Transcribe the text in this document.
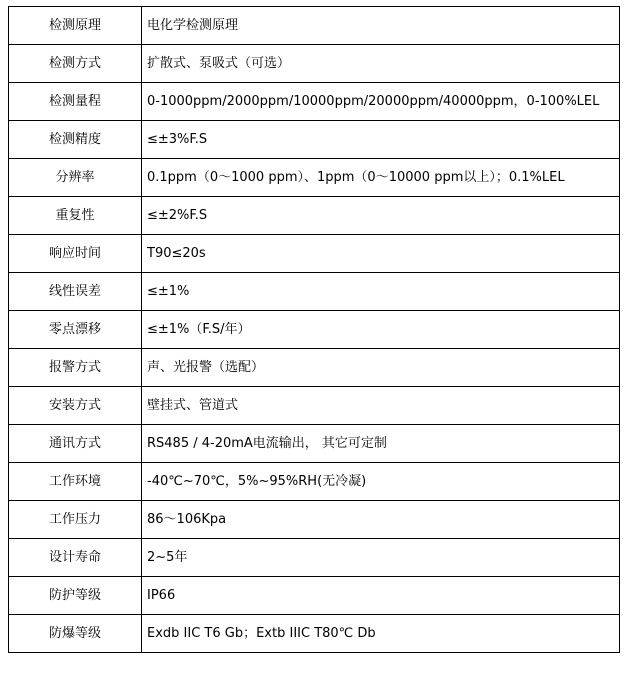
检测原理	电化学检测原理
检测方式	扩散式、泵吸式（可选）
检测量程	0-1000ppm/2000ppm/10000ppm/20000ppm/40000ppm，0-100%LEL
检测精度	≤±3%F.S
分辨率	0.1ppm（0～1000 ppm）、1ppm（0～10000 ppm以上）；0.1%LEL
重复性	≤±2%F.S
响应时间	T90≤20s
线性误差	≤±1%
零点漂移	≤±1%（F.S/年）
报警方式	声、光报警（选配）
安装方式	壁挂式、管道式
通讯方式	RS485 / 4-20mA电流输出， 其它可定制
工作环境	-40℃~70℃，5%~95%RH(无冷凝)
工作压力	86～106Kpa
设计寿命	2~5年
防护等级	IP66
防爆等级	Exdb IIC T6 Gb；Extb IIIC T80℃ Db
